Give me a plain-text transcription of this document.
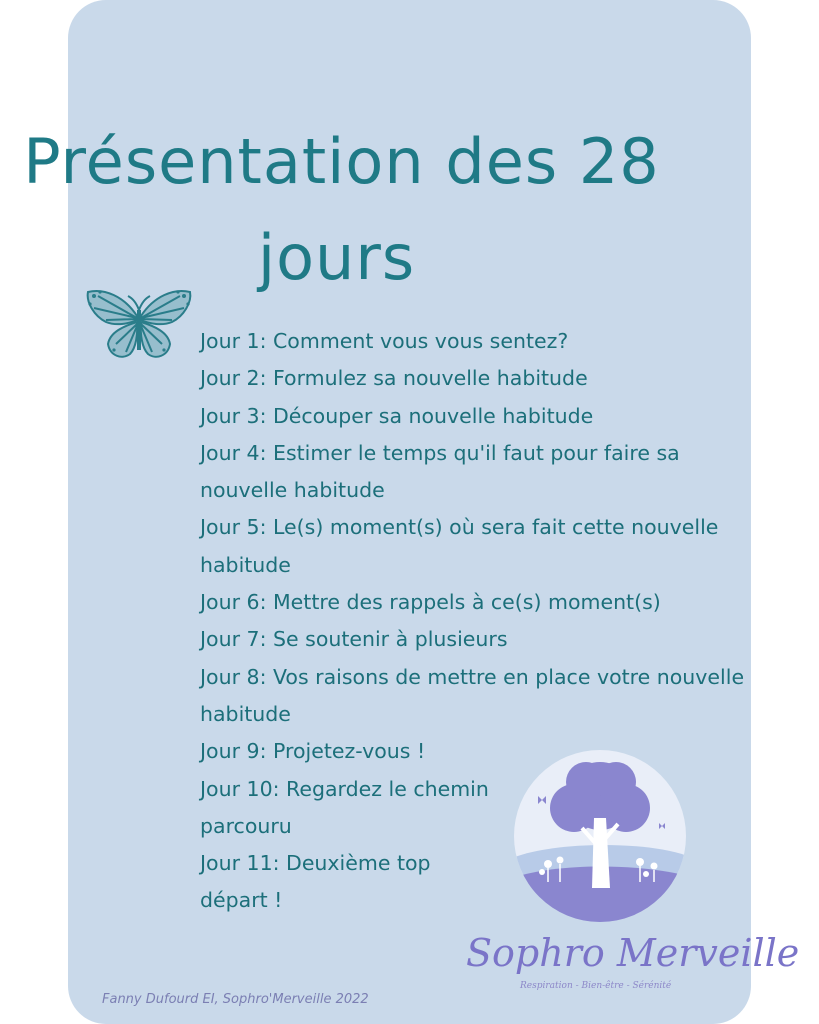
Présentation des 28
jours
Jour 1: Comment vous vous sentez?
Jour 2: Formulez sa nouvelle habitude
Jour 3: Découper sa nouvelle habitude
Jour 4: Estimer le temps qu'il faut pour faire sa
nouvelle habitude
Jour 5: Le(s) moment(s) où sera fait cette nouvelle
habitude
Jour 6: Mettre des rappels à ce(s) moment(s)
Jour 7: Se soutenir à plusieurs
Jour 8: Vos raisons de mettre en place votre nouvelle
habitude
Jour 9: Projetez-vous !
Jour 10: Regardez le chemin
parcouru
Jour 11: Deuxième top
départ !
Sophro Merveille
Respiration - Bien-être - Sérénité
Fanny Dufourd EI, Sophro'Merveille 2022
